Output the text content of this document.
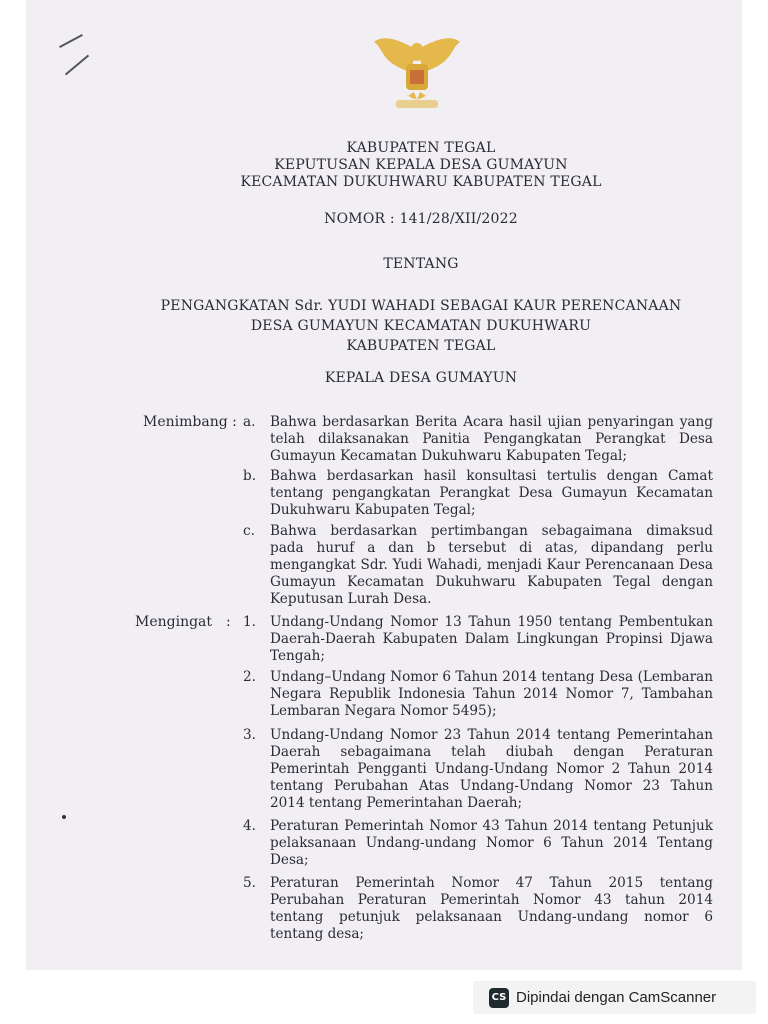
KABUPATEN TEGAL
KEPUTUSAN KEPALA DESA GUMAYUN
KECAMATAN DUKUHWARU KABUPATEN TEGAL
NOMOR : 141/28/XII/2022
TENTANG
PENGANGKATAN Sdr. YUDI WAHADI SEBAGAI KAUR PERENCANAAN
DESA GUMAYUN KECAMATAN DUKUHWARU
KABUPATEN TEGAL
KEPALA DESA GUMAYUN
Menimbang : a.	Bahwa berdasarkan Berita Acara hasil ujian penyaringan yang telah dilaksanakan Panitia Pengangkatan Perangkat Desa Gumayun Kecamatan Dukuhwaru Kabupaten Tegal;
b.	Bahwa berdasarkan hasil konsultasi tertulis dengan Camat tentang pengangkatan Perangkat Desa Gumayun Kecamatan Dukuhwaru Kabupaten Tegal;
c.	Bahwa berdasarkan pertimbangan sebagaimana dimaksud pada huruf a dan b tersebut di atas, dipandang perlu mengangkat Sdr. Yudi Wahadi, menjadi Kaur Perencanaan Desa Gumayun Kecamatan Dukuhwaru Kabupaten Tegal dengan Keputusan Lurah Desa.
Mengingat : 1.	Undang-Undang Nomor 13 Tahun 1950 tentang Pembentukan Daerah-Daerah Kabupaten Dalam Lingkungan Propinsi Djawa Tengah;
2.	Undang–Undang Nomor 6 Tahun 2014 tentang Desa (Lembaran Negara Republik Indonesia Tahun 2014 Nomor 7, Tambahan Lembaran Negara Nomor 5495);
3.	Undang-Undang Nomor 23 Tahun 2014 tentang Pemerintahan Daerah sebagaimana telah diubah dengan Peraturan Pemerintah Pengganti Undang-Undang Nomor 2 Tahun 2014 tentang Perubahan Atas Undang-Undang Nomor 23 Tahun 2014 tentang Pemerintahan Daerah;
4.	Peraturan Pemerintah Nomor 43 Tahun 2014 tentang Petunjuk pelaksanaan Undang-undang Nomor 6 Tahun 2014 Tentang Desa;
5.	Peraturan Pemerintah Nomor 47 Tahun 2015 tentang Perubahan Peraturan Pemerintah Nomor 43 tahun 2014 tentang petunjuk pelaksanaan Undang-undang nomor 6 tentang desa;
CS Dipindai dengan CamScanner
